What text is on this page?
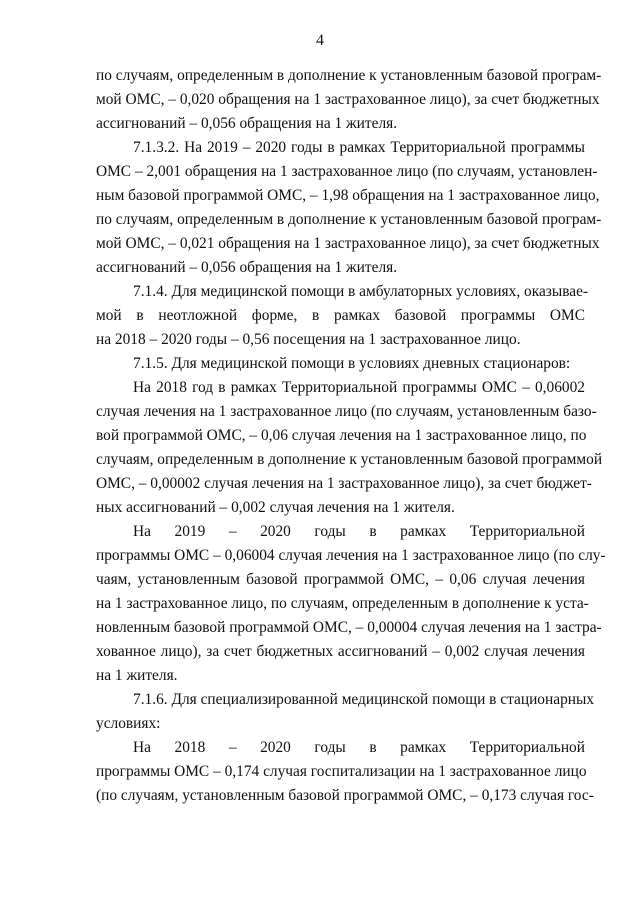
4
по случаям, определенным в дополнение к установленным базовой програм-
мой ОМС, – 0,020 обращения на 1 застрахованное лицо), за счет бюджетных
ассигнований – 0,056 обращения на 1 жителя.
7.1.3.2. На 2019 – 2020 годы в рамках Территориальной программы
ОМС – 2,001 обращения на 1 застрахованное лицо (по случаям, установлен-
ным базовой программой ОМС, – 1,98 обращения на 1 застрахованное лицо,
по случаям, определенным в дополнение к установленным базовой програм-
мой ОМС, – 0,021 обращения на 1 застрахованное лицо), за счет бюджетных
ассигнований – 0,056 обращения на 1 жителя.
7.1.4. Для медицинской помощи в амбулаторных условиях, оказывае-
мой в неотложной форме, в рамках базовой программы ОМС
на 2018 – 2020 годы – 0,56 посещения на 1 застрахованное лицо.
7.1.5. Для медицинской помощи в условиях дневных стационаров:
На 2018 год в рамках Территориальной программы ОМС – 0,06002
случая лечения на 1 застрахованное лицо (по случаям, установленным базо-
вой программой ОМС, – 0,06 случая лечения на 1 застрахованное лицо, по
случаям, определенным в дополнение к установленным базовой программой
ОМС, – 0,00002 случая лечения на 1 застрахованное лицо), за счет бюджет-
ных ассигнований – 0,002 случая лечения на 1 жителя.
На 2019 – 2020 годы в рамках Территориальной
программы ОМС – 0,06004 случая лечения на 1 застрахованное лицо (по слу-
чаям, установленным базовой программой ОМС, – 0,06 случая лечения
на 1 застрахованное лицо, по случаям, определенным в дополнение к уста-
новленным базовой программой ОМС, – 0,00004 случая лечения на 1 застра-
хованное лицо), за счет бюджетных ассигнований – 0,002 случая лечения
на 1 жителя.
7.1.6. Для специализированной медицинской помощи в стационарных
условиях:
На 2018 – 2020 годы в рамках Территориальной
программы ОМС – 0,174 случая госпитализации на 1 застрахованное лицо
(по случаям, установленным базовой программой ОМС, – 0,173 случая гос-
